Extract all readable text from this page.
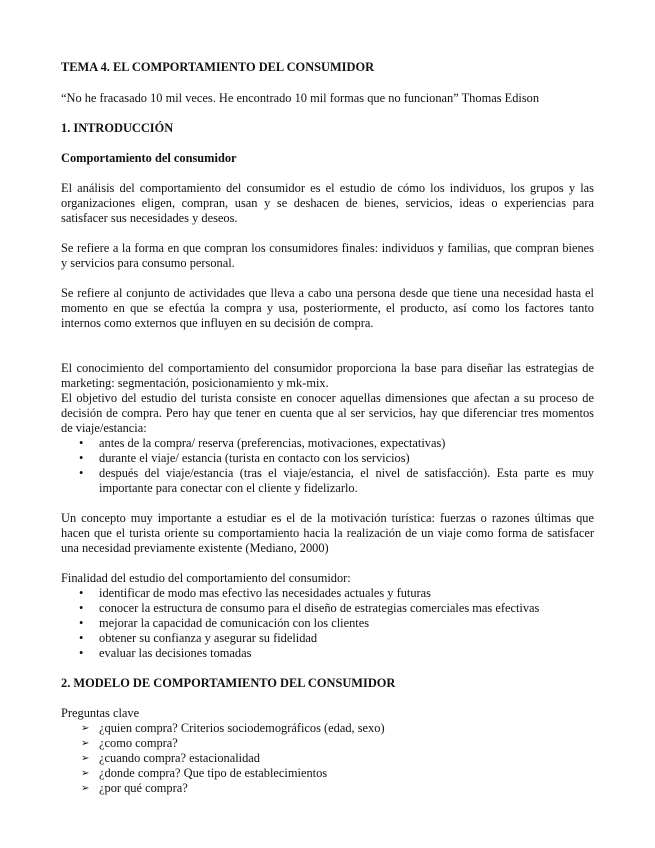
TEMA 4. EL COMPORTAMIENTO DEL CONSUMIDOR
“No he fracasado 10 mil veces. He encontrado 10 mil formas que no funcionan” Thomas Edison
1. INTRODUCCIÓN
Comportamiento del consumidor

El análisis del comportamiento del consumidor es el estudio de cómo los individuos, los grupos y las organizaciones eligen, compran, usan y se deshacen de bienes, servicios, ideas o experiencias para satisfacer sus necesidades y deseos.

Se refiere a la forma en que compran los consumidores finales: individuos y familias, que compran bienes y servicios para consumo personal.

Se refiere al conjunto de actividades que lleva a cabo una persona desde que tiene una necesidad hasta el momento en que se efectúa la compra y usa, posteriormente, el producto, así como los factores tanto internos como externos que influyen en su decisión de compra.

El conocimiento del comportamiento del consumidor proporciona la base para diseñar las estrategias de marketing: segmentación, posicionamiento y mk-mix.

El objetivo del estudio del turista consiste en conocer aquellas dimensiones que afectan a su proceso de decisión de compra. Pero hay que tener en cuenta que al ser servicios, hay que diferenciar tres momentos de viaje/estancia:

• antes de la compra/ reserva (preferencias, motivaciones, expectativas)
• durante el viaje/ estancia (turista en contacto con los servicios)
• después del viaje/estancia (tras el viaje/estancia, el nivel de satisfacción). Esta parte es muy importante para conectar con el cliente y fidelizarlo.

Un concepto muy importante a estudiar es el de la motivación turística: fuerzas o razones últimas que hacen que el turista oriente su comportamiento hacia la realización de un viaje como forma de satisfacer una necesidad previamente existente (Mediano, 2000)

Finalidad del estudio del comportamiento del consumidor:

• identificar de modo mas efectivo las necesidades actuales y futuras
• conocer la estructura de consumo para el diseño de estrategias comerciales mas efectivas
• mejorar la capacidad de comunicación con los clientes
• obtener su confianza y asegurar su fidelidad
• evaluar las decisiones tomadas
2. MODELO DE COMPORTAMIENTO DEL CONSUMIDOR
Preguntas clave
➢ ¿quien compra? Criterios sociodemográficos (edad, sexo)
➢ ¿como compra?
➢ ¿cuando compra? estacionalidad
➢ ¿donde compra? Que tipo de establecimientos
➢ ¿por qué compra?
